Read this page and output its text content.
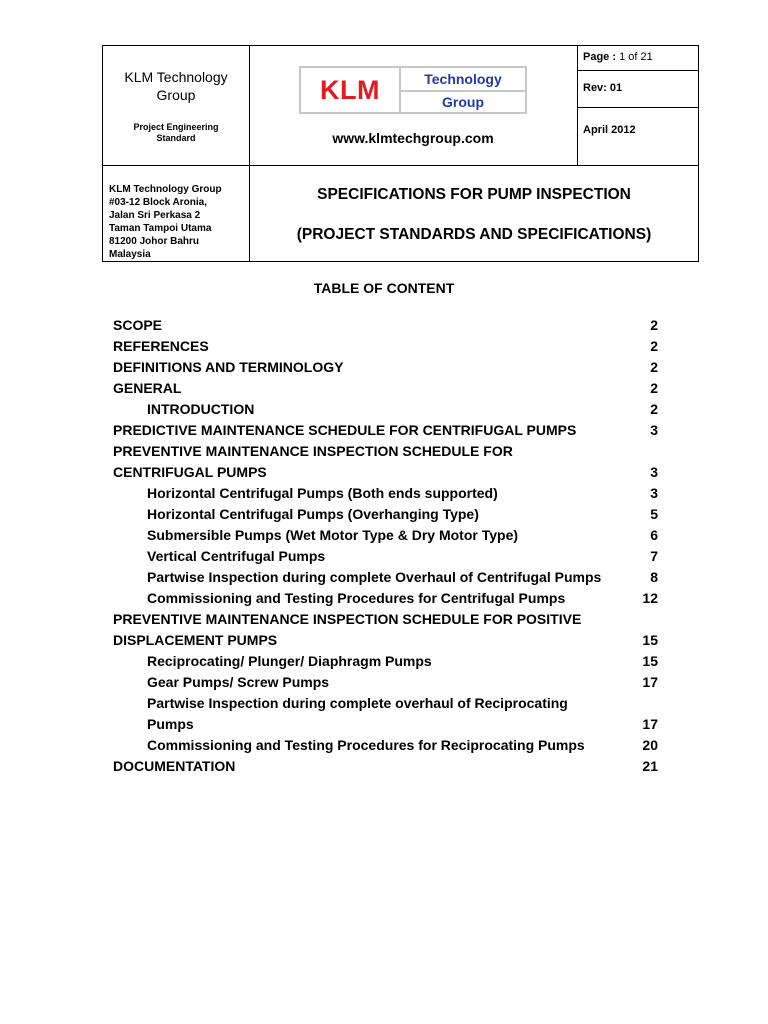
KLM Technology
Group
Project Engineering
Standard
KLM	Technology
Group
www.klmtechgroup.com
Page : 1 of 21
Rev: 01
April 2012
KLM Technology Group
#03-12 Block Aronia,
Jalan Sri Perkasa 2
Taman Tampoi Utama
81200 Johor Bahru
Malaysia
SPECIFICATIONS FOR PUMP INSPECTION
(PROJECT STANDARDS AND SPECIFICATIONS)
TABLE OF CONTENT
SCOPE	2
REFERENCES	2
DEFINITIONS AND TERMINOLOGY	2
GENERAL	2
INTRODUCTION	2
PREDICTIVE MAINTENANCE SCHEDULE FOR CENTRIFUGAL PUMPS	3
PREVENTIVE MAINTENANCE INSPECTION SCHEDULE FOR
CENTRIFUGAL PUMPS	3
Horizontal Centrifugal Pumps (Both ends supported)	3
Horizontal Centrifugal Pumps (Overhanging Type)	5
Submersible Pumps (Wet Motor Type & Dry Motor Type)	6
Vertical Centrifugal Pumps	7
Partwise Inspection during complete Overhaul of Centrifugal Pumps	8
Commissioning and Testing Procedures for Centrifugal Pumps	12
PREVENTIVE MAINTENANCE INSPECTION SCHEDULE FOR POSITIVE
DISPLACEMENT PUMPS	15
Reciprocating/ Plunger/ Diaphragm Pumps	15
Gear Pumps/ Screw Pumps	17
Partwise Inspection during complete overhaul of Reciprocating
Pumps	17
Commissioning and Testing Procedures for Reciprocating Pumps	20
DOCUMENTATION	21
